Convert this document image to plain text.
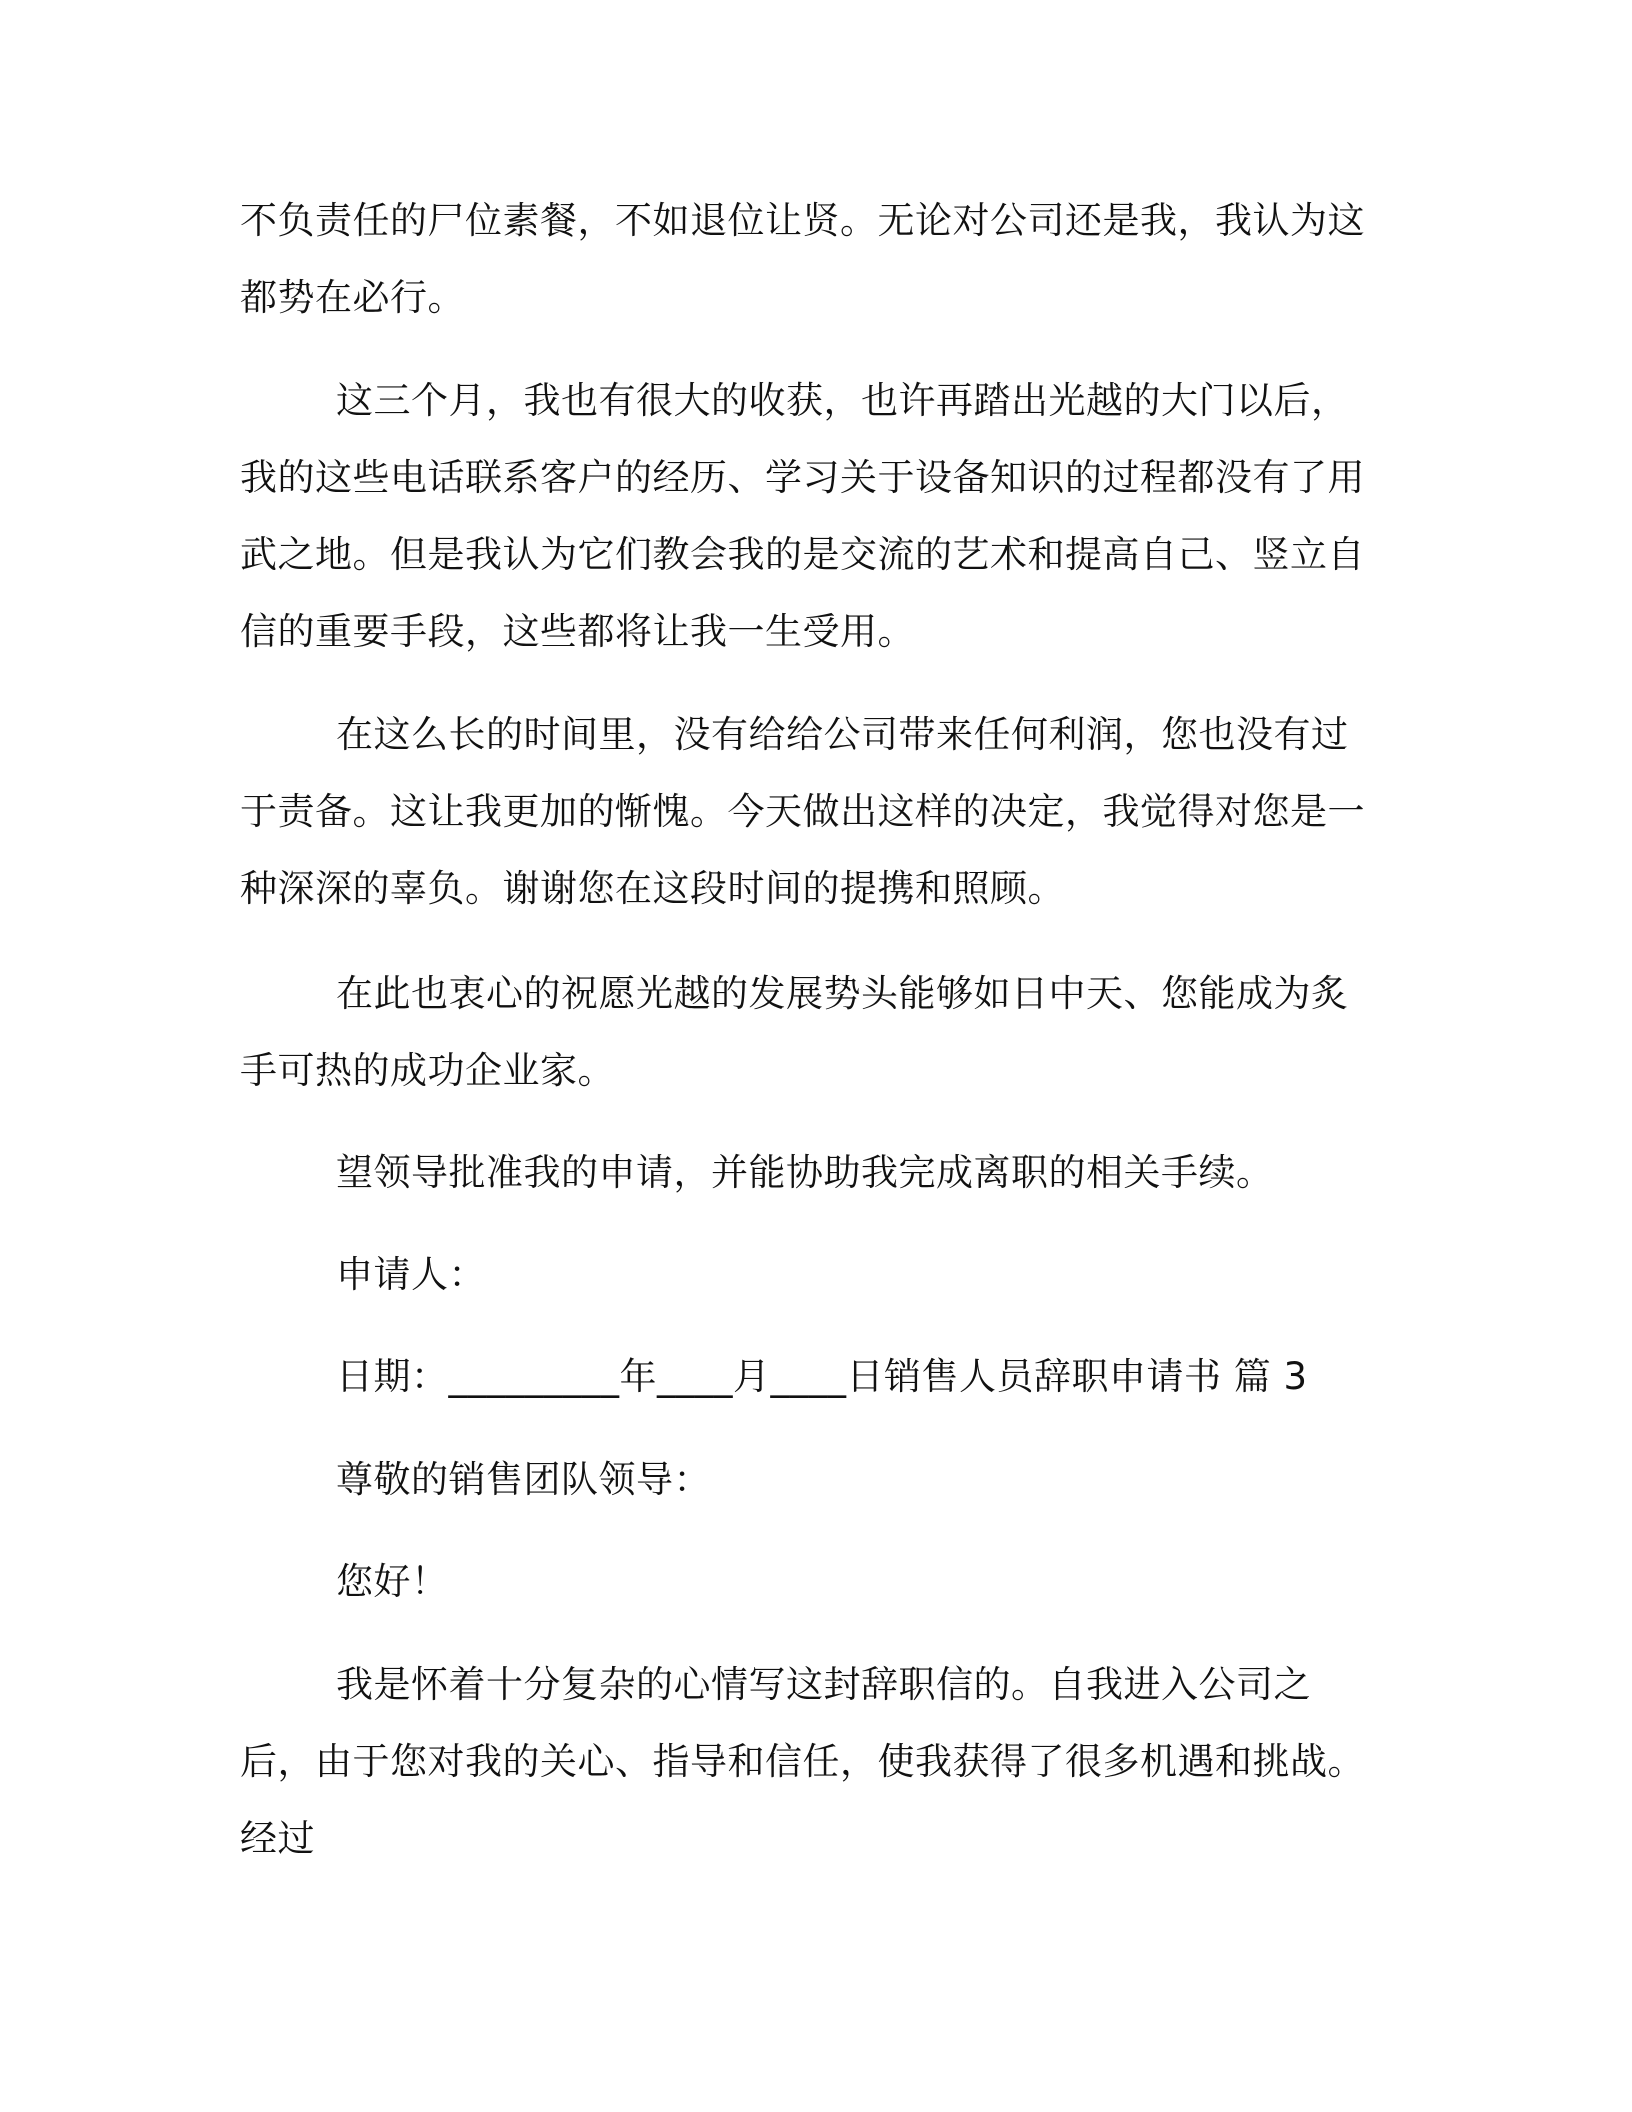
不负责任的尸位素餐，不如退位让贤。无论对公司还是我，我认为这都势在必行。

这三个月，我也有很大的收获，也许再踏出光越的大门以后，我的这些电话联系客户的经历、学习关于设备知识的过程都没有了用武之地。但是我认为它们教会我的是交流的艺术和提高自己、竖立自信的重要手段，这些都将让我一生受用。

在这么长的时间里，没有给给公司带来任何利润，您也没有过于责备。这让我更加的惭愧。今天做出这样的决定，我觉得对您是一种深深的辜负。谢谢您在这段时间的提携和照顾。

在此也衷心的祝愿光越的发展势头能够如日中天、您能成为炙手可热的成功企业家。

望领导批准我的申请，并能协助我完成离职的相关手续。

申请人：

日期：_________年____月____日销售人员辞职申请书 篇 3

尊敬的销售团队领导：

您好！

我是怀着十分复杂的心情写这封辞职信的。自我进入公司之后，由于您对我的关心、指导和信任，使我获得了很多机遇和挑战。经过
